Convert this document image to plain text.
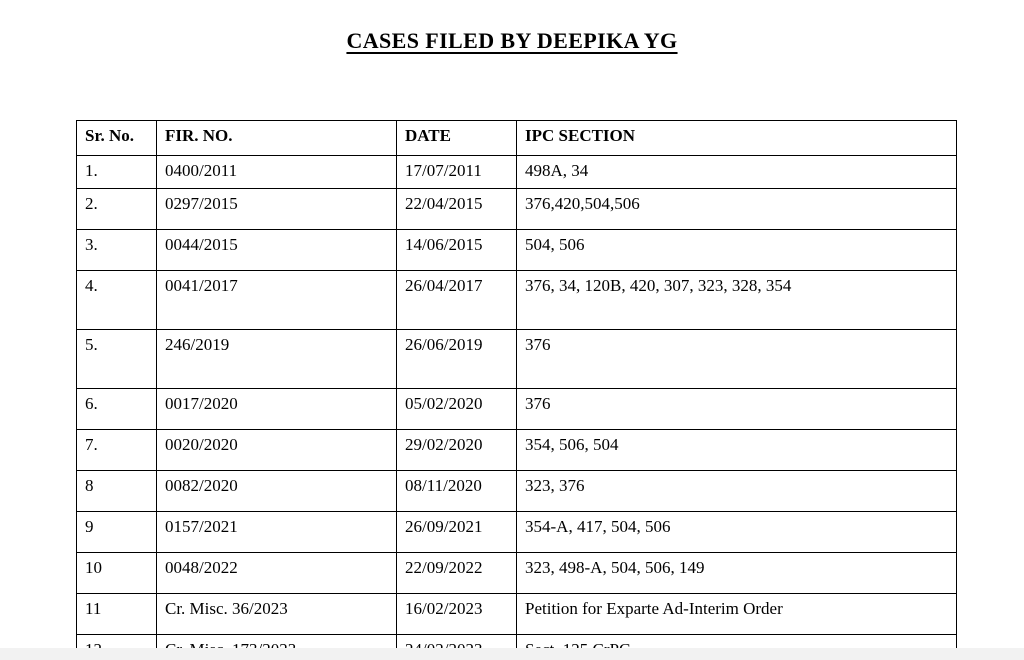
CASES FILED BY DEEPIKA YG
Sr. No.	FIR. NO.	DATE	IPC SECTION
1.	0400/2011	17/07/2011	498A, 34
2.	0297/2015	22/04/2015	376,420,504,506
3.	0044/2015	14/06/2015	504, 506
4.	0041/2017	26/04/2017	376, 34, 120B, 420, 307, 323, 328, 354
5.	246/2019	26/06/2019	376
6.	0017/2020	05/02/2020	376
7.	0020/2020	29/02/2020	354, 506, 504
8	0082/2020	08/11/2020	323, 376
9	0157/2021	26/09/2021	354-A, 417, 504, 506
10	0048/2022	22/09/2022	323, 498-A, 504, 506, 149
11	Cr. Misc. 36/2023	16/02/2023	Petition for Exparte Ad-Interim Order
